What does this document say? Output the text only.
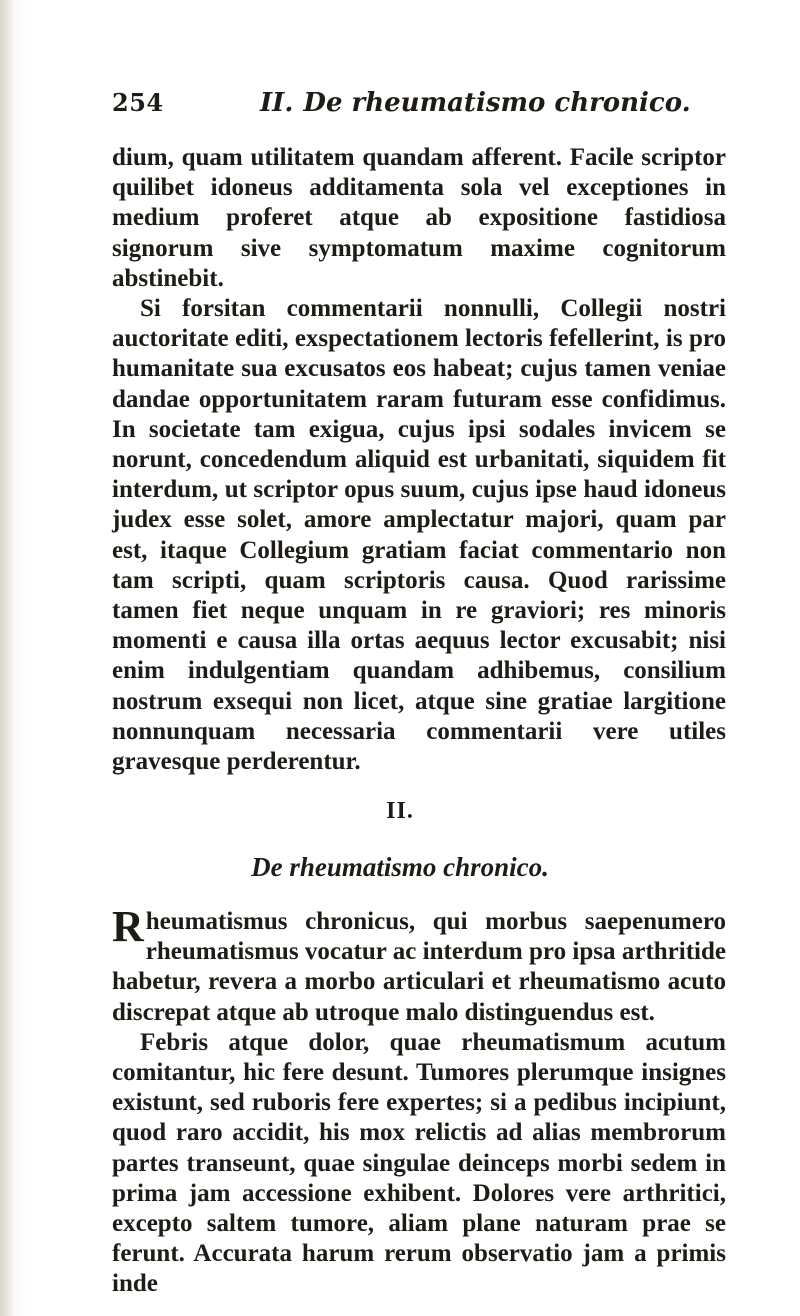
254	II. De rheumatismo chronico.

dium, quam utilitatem quandam afferent. Facile scriptor quilibet idoneus additamenta sola vel exceptiones in medium proferet atque ab expositione fastidiosa signorum sive symptomatum maxime cognitorum abstinebit.

Si forsitan commentarii nonnulli, Collegii nostri auctoritate editi, exspectationem lectoris fefellerint, is pro humanitate sua excusatos eos habeat; cujus tamen veniae dandae opportunitatem raram futuram esse confidimus. In societate tam exigua, cujus ipsi sodales invicem se norunt, concedendum aliquid est urbanitati, siquidem fit interdum, ut scriptor opus suum, cujus ipse haud idoneus judex esse solet, amore amplectatur majori, quam par est, itaque Collegium gratiam faciat commentario non tam scripti, quam scriptoris causa. Quod rarissime tamen fiet neque unquam in re graviori; res minoris momenti e causa illa ortas aequus lector excusabit; nisi enim indulgentiam quandam adhibemus, consilium nostrum exsequi non licet, atque sine gratiae largitione nonnunquam necessaria commentarii vere utiles gravesque perderentur.

II.
De rheumatismo chronico.

Rheumatismus chronicus, qui morbus saepenumero rheumatismus vocatur ac interdum pro ipsa arthritide habetur, revera a morbo articulari et rheumatismo acuto discrepat atque ab utroque malo distinguendus est.

Febris atque dolor, quae rheumatismum acutum comitantur, hic fere desunt. Tumores plerumque insignes existunt, sed ruboris fere expertes; si a pedibus incipiunt, quod raro accidit, his mox relictis ad alias membrorum partes transeunt, quae singulae deinceps morbi sedem in prima jam accessione exhibent. Dolores vere arthritici, excepto saltem tumore, aliam plane naturam prae se ferunt. Accurata harum rerum observatio jam a primis inde
